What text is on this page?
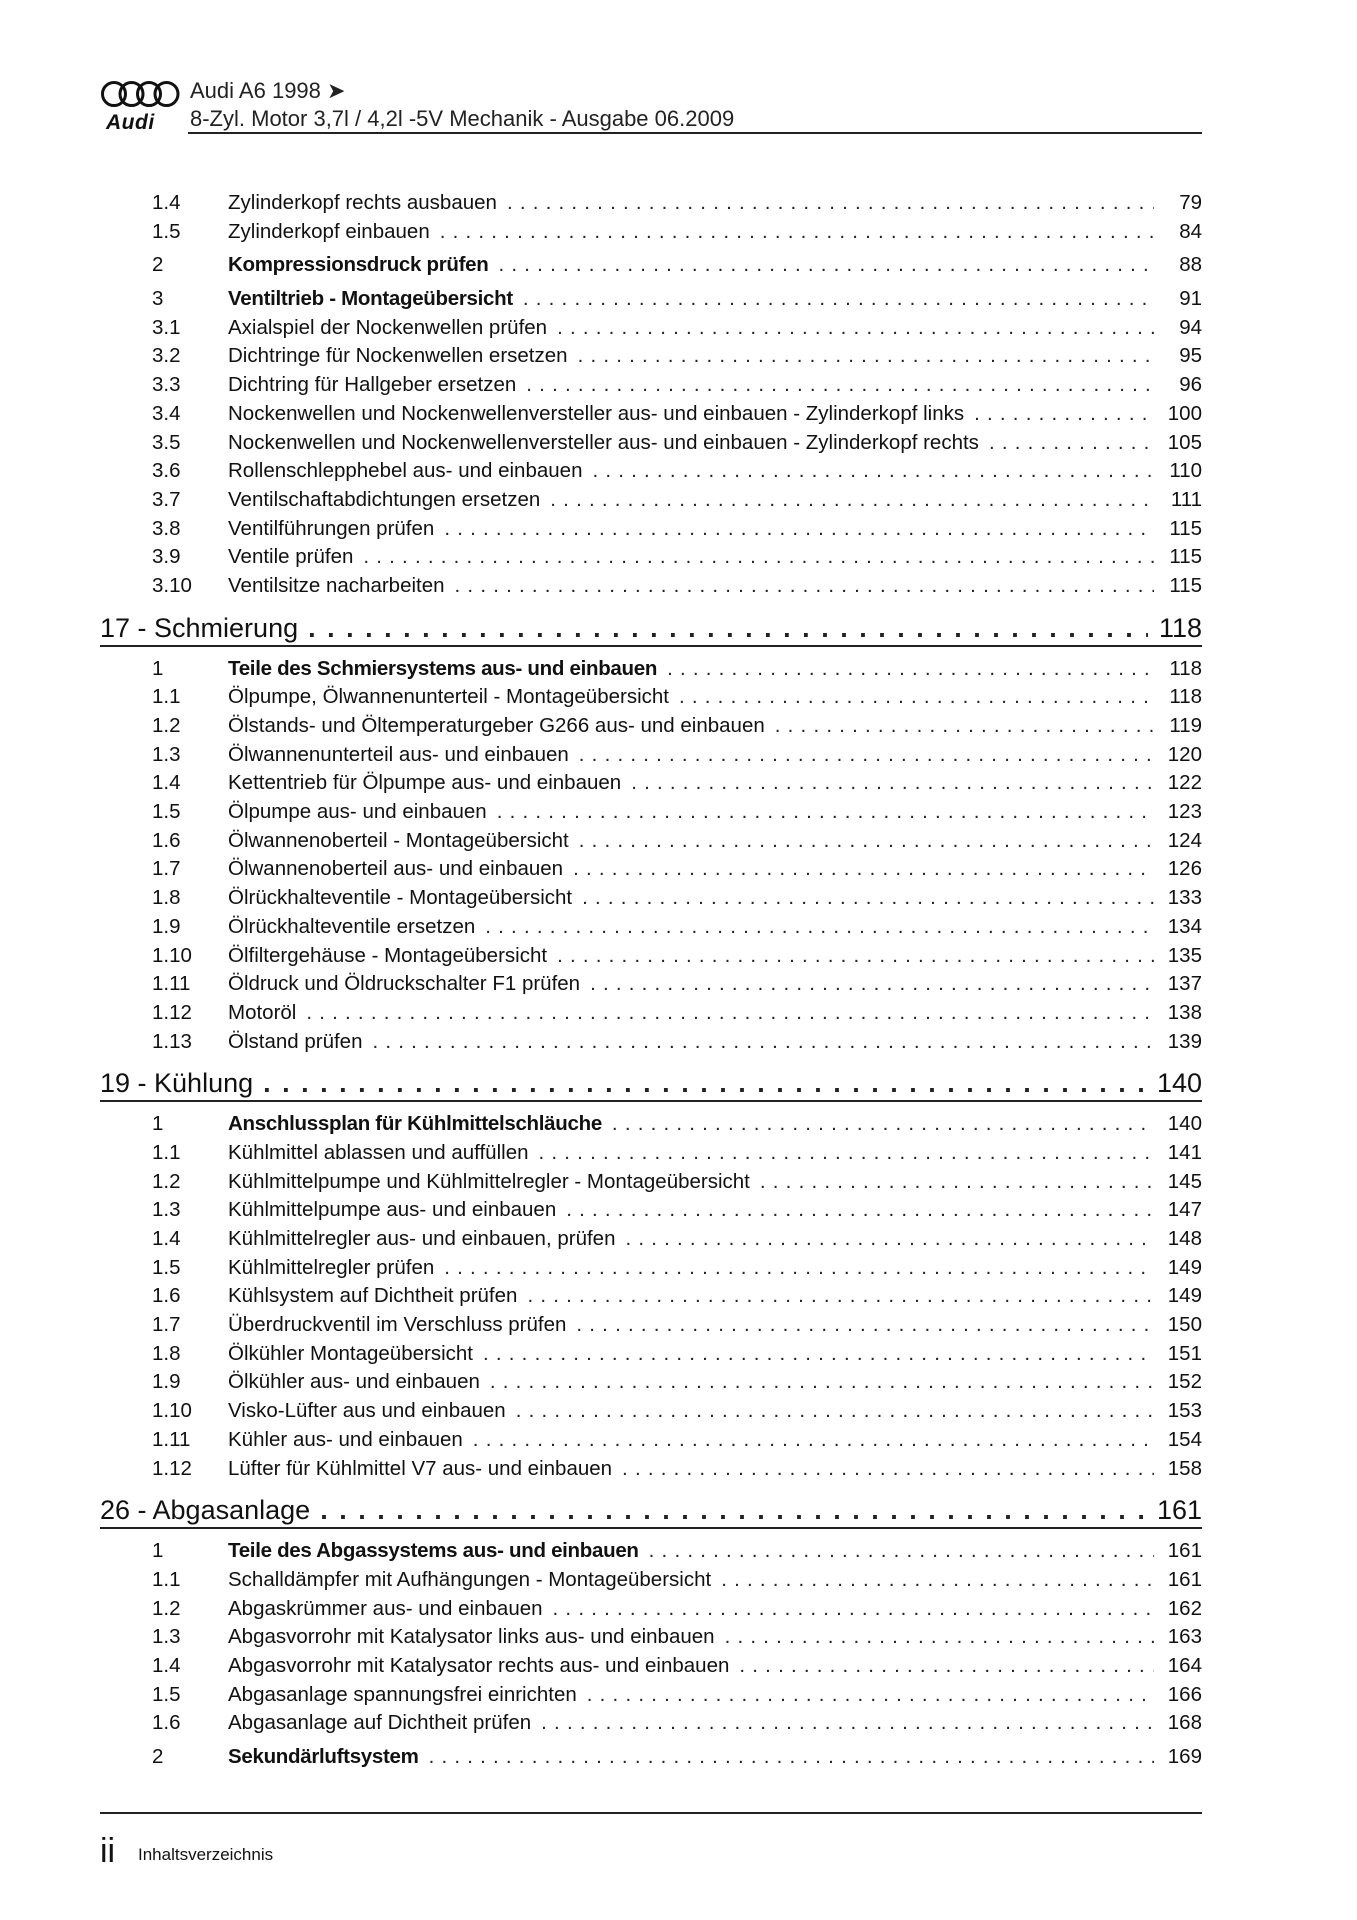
Audi
Audi A6 1998 ➤
8-Zyl. Motor 3,7l / 4,2l -5V Mechanik - Ausgabe 06.2009
1.4	Zylinderkopf rechts ausbauen . . .	79
1.5	Zylinderkopf einbauen . . .	84
2	Kompressionsdruck prüfen . . .	88
3	Ventiltrieb - Montageübersicht . . .	91
3.1	Axialspiel der Nockenwellen prüfen . . .	94
3.2	Dichtringe für Nockenwellen ersetzen . . .	95
3.3	Dichtring für Hallgeber ersetzen . . .	96
3.4	Nockenwellen und Nockenwellenversteller aus- und einbauen - Zylinderkopf links . . .	100
3.5	Nockenwellen und Nockenwellenversteller aus- und einbauen - Zylinderkopf rechts . . .	105
3.6	Rollenschlepphebel aus- und einbauen . . .	110
3.7	Ventilschaftabdichtungen ersetzen . . .	111
3.8	Ventilführungen prüfen . . .	115
3.9	Ventile prüfen . . .	115
3.10	Ventilsitze nacharbeiten . . .	115
17 - Schmierung . . .	118
1	Teile des Schmiersystems aus- und einbauen . . .	118
1.1	Ölpumpe, Ölwannenunterteil - Montageübersicht . . .	118
1.2	Ölstands- und Öltemperaturgeber G266 aus- und einbauen . . .	119
1.3	Ölwannenunterteil aus- und einbauen . . .	120
1.4	Kettentrieb für Ölpumpe aus- und einbauen . . .	122
1.5	Ölpumpe aus- und einbauen . . .	123
1.6	Ölwannenoberteil - Montageübersicht . . .	124
1.7	Ölwannenoberteil aus- und einbauen . . .	126
1.8	Ölrückhalteventile - Montageübersicht . . .	133
1.9	Ölrückhalteventile ersetzen . . .	134
1.10	Ölfiltergehäuse - Montageübersicht . . .	135
1.11	Öldruck und Öldruckschalter F1 prüfen . . .	137
1.12	Motoröl . . .	138
1.13	Ölstand prüfen . . .	139
19 - Kühlung . . .	140
1	Anschlussplan für Kühlmittelschläuche . . .	140
1.1	Kühlmittel ablassen und auffüllen . . .	141
1.2	Kühlmittelpumpe und Kühlmittelregler - Montageübersicht . . .	145
1.3	Kühlmittelpumpe aus- und einbauen . . .	147
1.4	Kühlmittelregler aus- und einbauen, prüfen . . .	148
1.5	Kühlmittelregler prüfen . . .	149
1.6	Kühlsystem auf Dichtheit prüfen . . .	149
1.7	Überdruckventil im Verschluss prüfen . . .	150
1.8	Ölkühler Montageübersicht . . .	151
1.9	Ölkühler aus- und einbauen . . .	152
1.10	Visko-Lüfter aus und einbauen . . .	153
1.11	Kühler aus- und einbauen . . .	154
1.12	Lüfter für Kühlmittel V7 aus- und einbauen . . .	158
26 - Abgasanlage . . .	161
1	Teile des Abgassystems aus- und einbauen . . .	161
1.1	Schalldämpfer mit Aufhängungen - Montageübersicht . . .	161
1.2	Abgaskrümmer aus- und einbauen . . .	162
1.3	Abgasvorrohr mit Katalysator links aus- und einbauen . . .	163
1.4	Abgasvorrohr mit Katalysator rechts aus- und einbauen . . .	164
1.5	Abgasanlage spannungsfrei einrichten . . .	166
1.6	Abgasanlage auf Dichtheit prüfen . . .	168
2	Sekundärluftsystem . . .	169
ii Inhaltsverzeichnis
